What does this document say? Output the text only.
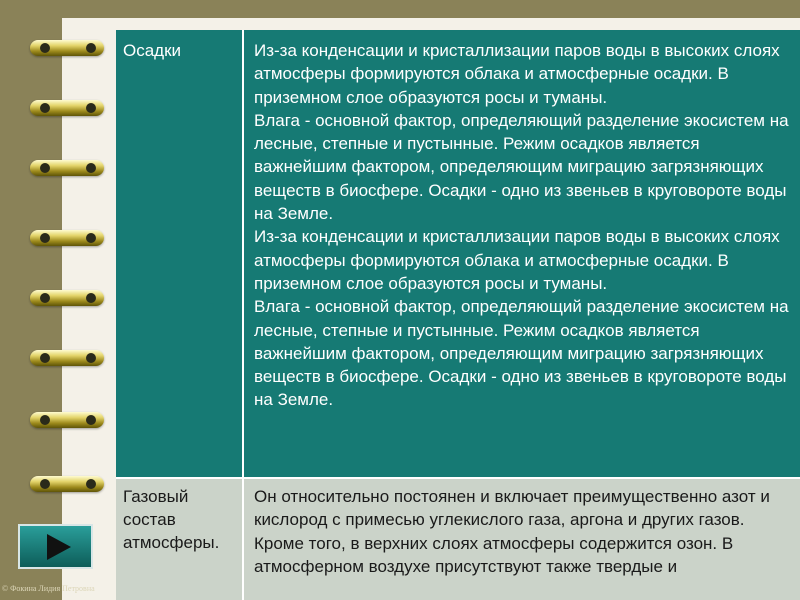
Осадки	Из-за конденсации и кристаллизации паров воды в высоких слоях атмосферы формируются облака и атмосферные осадки. В приземном слое образуются росы и туманы.
Влага - основной фактор, определяющий разделение экосистем на лесные, степные и пустынные. Режим осадков является важнейшим фактором, определяющим миграцию загрязняющих веществ в биосфере. Осадки - одно из звеньев в круговороте воды на Земле.
Из-за конденсации и кристаллизации паров воды в высоких слоях атмосферы формируются облака и атмосферные осадки. В приземном слое образуются росы и туманы.
Влага - основной фактор, определяющий разделение экосистем на лесные, степные и пустынные. Режим осадков является важнейшим фактором, определяющим миграцию загрязняющих веществ в биосфере. Осадки - одно из звеньев в круговороте воды на Земле.
Газовый состав атмосферы.
Он относительно постоянен и включает преимущественно азот и кислород с примесью углекислого газа, аргона и других газов. Кроме того, в верхних слоях атмосферы содержится озон. В атмосферном воздухе присутствуют также твердые и
© Фокина Лидия Петровна
